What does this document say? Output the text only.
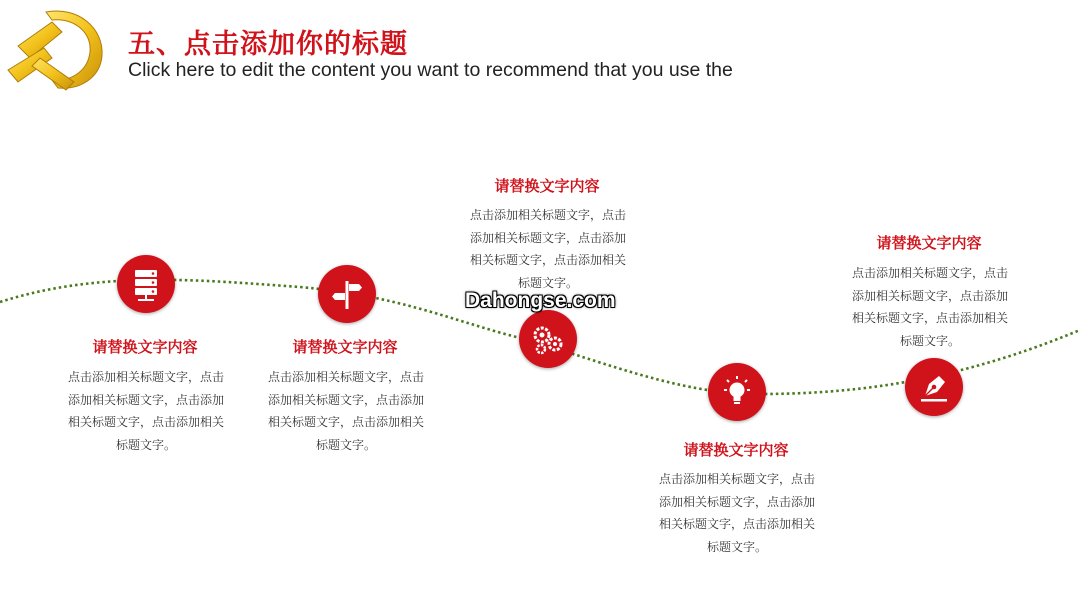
五、点击添加你的标题
Click here to edit the content you want to recommend that you use the
请替换文字内容
点击添加相关标题文字，点击添加相关标题文字，点击添加相关标题文字，点击添加相关标题文字。
请替换文字内容
点击添加相关标题文字，点击添加相关标题文字，点击添加相关标题文字，点击添加相关标题文字。
请替换文字内容
点击添加相关标题文字，点击添加相关标题文字，点击添加相关标题文字，点击添加相关标题文字。
请替换文字内容
点击添加相关标题文字，点击添加相关标题文字，点击添加相关标题文字，点击添加相关标题文字。
请替换文字内容
点击添加相关标题文字，点击添加相关标题文字，点击添加相关标题文字，点击添加相关标题文字。
Dahongse.com
